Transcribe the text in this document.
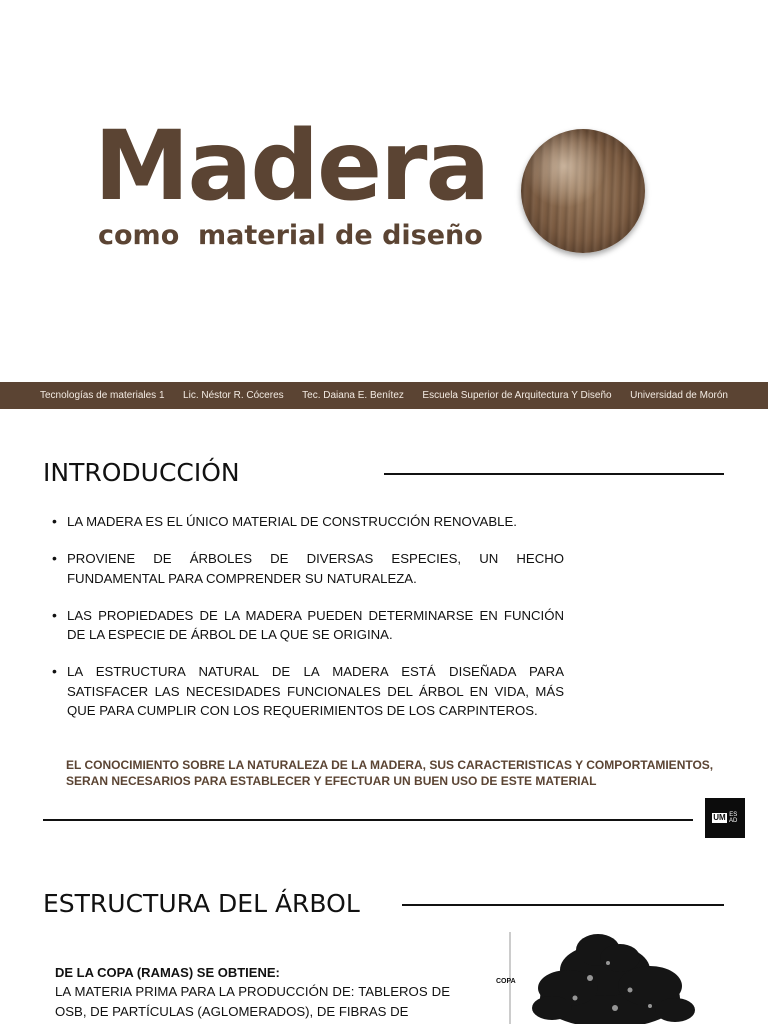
Madera
como  material de diseño
Tecnologías de materiales 1 Lic. Néstor R. Cóceres Tec. Daiana E. Benítez Escuela Superior de Arquitectura Y Diseño Universidad de Morón
INTRODUCCIÓN
• LA MADERA ES EL ÚNICO MATERIAL DE CONSTRUCCIÓN RENOVABLE.
• PROVIENE DE ÁRBOLES DE DIVERSAS ESPECIES, UN HECHO FUNDAMENTAL PARA COMPRENDER SU NATURALEZA.
• LAS PROPIEDADES DE LA MADERA PUEDEN DETERMINARSE EN FUNCIÓN DE LA ESPECIE DE ÁRBOL DE LA QUE SE ORIGINA.
• LA ESTRUCTURA NATURAL DE LA MADERA ESTÁ DISEÑADA PARA SATISFACER LAS NECESIDADES FUNCIONALES DEL ÁRBOL EN VIDA, MÁS QUE PARA CUMPLIR CON LOS REQUERIMIENTOS DE LOS CARPINTEROS.
EL CONOCIMIENTO SOBRE LA NATURALEZA DE LA MADERA, SUS CARACTERISTICAS Y COMPORTAMIENTOS, SERAN NECESARIOS PARA ESTABLECER Y EFECTUAR UN BUEN USO DE ESTE MATERIAL
UM ES AD
ESTRUCTURA DEL ÁRBOL
DE LA COPA (RAMAS) SE OBTIENE:
LA MATERIA PRIMA PARA LA PRODUCCIÓN DE: TABLEROS DE OSB, DE PARTÍCULAS (AGLOMERADOS), DE FIBRAS DE
COPA
